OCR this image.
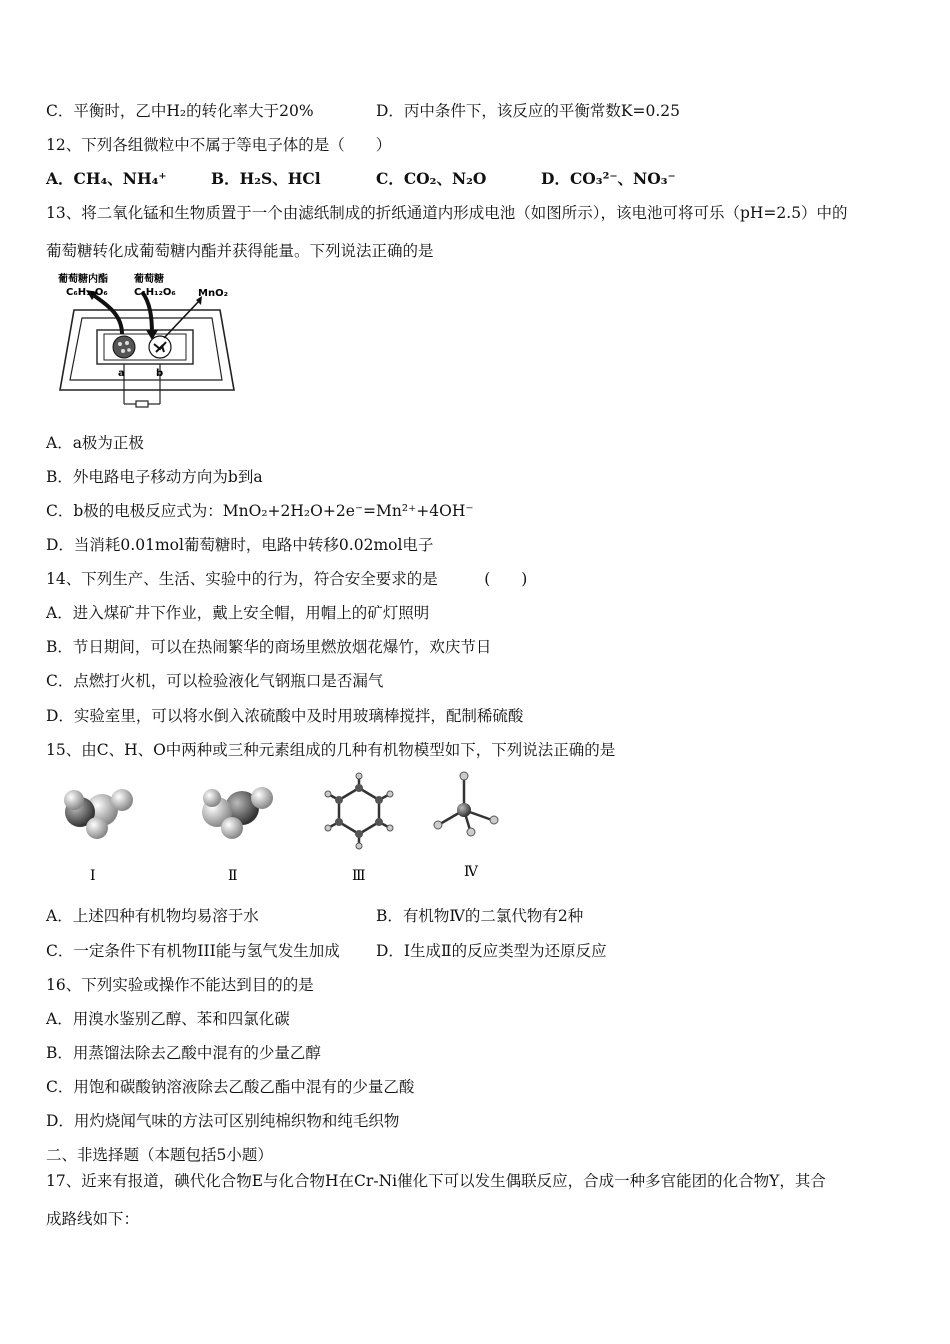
C．平衡时，乙中H₂的转化率大于20%	D．丙中条件下，该反应的平衡常数K=0.25
12、下列各组微粒中不属于等电子体的是（　　）
A．CH₄、NH₄⁺	B．H₂S、HCl	C．CO₂、N₂O	D．CO₃²⁻、NO₃⁻
13、将二氧化锰和生物质置于一个由滤纸制成的折纸通道内形成电池（如图所示），该电池可将可乐（pH=2.5）中的
葡萄糖转化成葡萄糖内酯并获得能量。下列说法正确的是
葡萄糖内酯
C₆H₁₀O₆
葡萄糖
C₆H₁₂O₆ MnO₂
a	b
A．a极为正极
B．外电路电子移动方向为b到a
C．b极的电极反应式为：MnO₂+2H₂O+2e⁻=Mn²⁺+4OH⁻
D．当消耗0.01mol葡萄糖时，电路中转移0.02mol电子
14、下列生产、生活、实验中的行为，符合安全要求的是　　　(　　)
A．进入煤矿井下作业，戴上安全帽，用帽上的矿灯照明
B．节日期间，可以在热闹繁华的商场里燃放烟花爆竹，欢庆节日
C．点燃打火机，可以检验液化气钢瓶口是否漏气
D．实验室里，可以将水倒入浓硫酸中及时用玻璃棒搅拌，配制稀硫酸
15、由C、H、O中两种或三种元素组成的几种有机物模型如下，下列说法正确的是
Ⅰ	Ⅱ	Ⅲ	Ⅳ
A．上述四种有机物均易溶于水	B．有机物Ⅳ的二氯代物有2种
C．一定条件下有机物III能与氢气发生加成 D．Ⅰ生成Ⅱ的反应类型为还原反应
16、下列实验或操作不能达到目的的是
A．用溴水鉴别乙醇、苯和四氯化碳
B．用蒸馏法除去乙酸中混有的少量乙醇
C．用饱和碳酸钠溶液除去乙酸乙酯中混有的少量乙酸
D．用灼烧闻气味的方法可区别纯棉织物和纯毛织物
二、非选择题（本题包括5小题）
17、近来有报道，碘代化合物E与化合物H在Cr-Ni催化下可以发生偶联反应，合成一种多官能团的化合物Y，其合
成路线如下：
